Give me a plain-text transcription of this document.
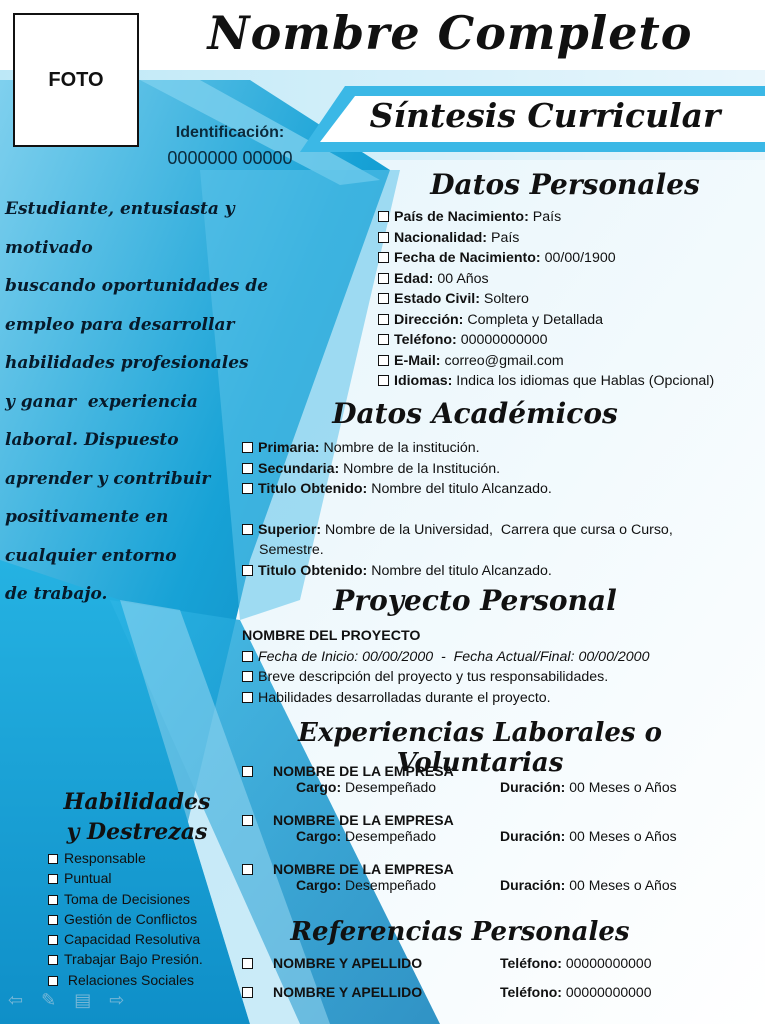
FOTO
Nombre Completo
Síntesis Curricular
Identificación:
0000000 00000
Estudiante, entusiasta y motivado
buscando oportunidades de
empleo para desarrollar
habilidades profesionales
y ganar  experiencia
laboral. Dispuesto
aprender y contribuir
positivamente en
cualquier entorno
de trabajo.
Datos Personales
País de Nacimiento: País
Nacionalidad: País
Fecha de Nacimiento: 00/00/1900
Edad: 00 Años
Estado Civil: Soltero
Dirección: Completa y Detallada
Teléfono: 00000000000
E-Mail: correo@gmail.com
Idiomas: Indica los idiomas que Hablas (Opcional)
Datos Académicos
Primaria: Nombre de la institución.
Secundaria: Nombre de la Institución.
Titulo Obtenido: Nombre del titulo Alcanzado.
Superior: Nombre de la Universidad,  Carrera que cursa o Curso,
Semestre.
Titulo Obtenido: Nombre del titulo Alcanzado.
Proyecto Personal
NOMBRE DEL PROYECTO
Fecha de Inicio: 00/00/2000  -  Fecha Actual/Final: 00/00/2000
Breve descripción del proyecto y tus responsabilidades.
Habilidades desarrolladas durante el proyecto.
Experiencias Laborales o Voluntarias
NOMBRE DE LA EMPRESA
Cargo: Desempeñado	Duración: 00 Meses o Años
NOMBRE DE LA EMPRESA
Cargo: Desempeñado	Duración: 00 Meses o Años
NOMBRE DE LA EMPRESA
Cargo: Desempeñado	Duración: 00 Meses o Años
Referencias Personales
NOMBRE Y APELLIDO	Teléfono: 00000000000
NOMBRE Y APELLIDO	Teléfono: 00000000000
Habilidades
y Destrezas
Responsable
Puntual
Toma de Decisiones
Gestión de Conflictos
Capacidad Resolutiva
Trabajar Bajo Presión.
Relaciones Sociales
⇦✎▤⇨
